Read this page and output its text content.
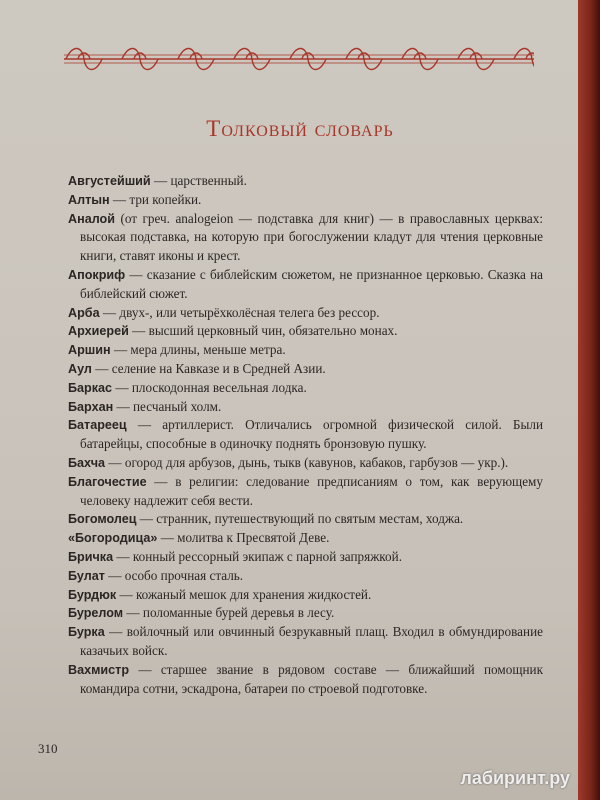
Толковый словарь
Августейший — царственный.
Алтын — три копейки.
Аналой (от греч. analogeion — подставка для книг) — в православных церквах: высокая подставка, на которую при богослужении кладут для чтения церковные книги, ставят иконы и крест.
Апокриф — сказание с библейским сюжетом, не признанное церковью. Сказка на библейский сюжет.
Арба — двух-, или четырёхколёсная телега без рессор.
Архиерей — высший церковный чин, обязательно монах.
Аршин — мера длины, меньше метра.
Аул — селение на Кавказе и в Средней Азии.
Баркас — плоскодонная весельная лодка.
Бархан — песчаный холм.
Батареец — артиллерист. Отличались огромной физической силой. Были батарейцы, способные в одиночку поднять бронзовую пушку.
Бахча — огород для арбузов, дынь, тыкв (кавунов, кабаков, гарбузов — укр.).
Благочестие — в религии: следование предписаниям о том, как верующему человеку надлежит себя вести.
Богомолец — странник, путешествующий по святым местам, ходжа.
«Богородица» — молитва к Пресвятой Деве.
Бричка — конный рессорный экипаж с парной запряжкой.
Булат — особо прочная сталь.
Бурдюк — кожаный мешок для хранения жидкостей.
Бурелом — поломанные бурей деревья в лесу.
Бурка — войлочный или овчинный безрукавный плащ. Входил в обмундирование казачьих войск.
Вахмистр — старшее звание в рядовом составе — ближайший помощник командира сотни, эскадрона, батареи по строевой подготовке.
310
лабиринт.ру
